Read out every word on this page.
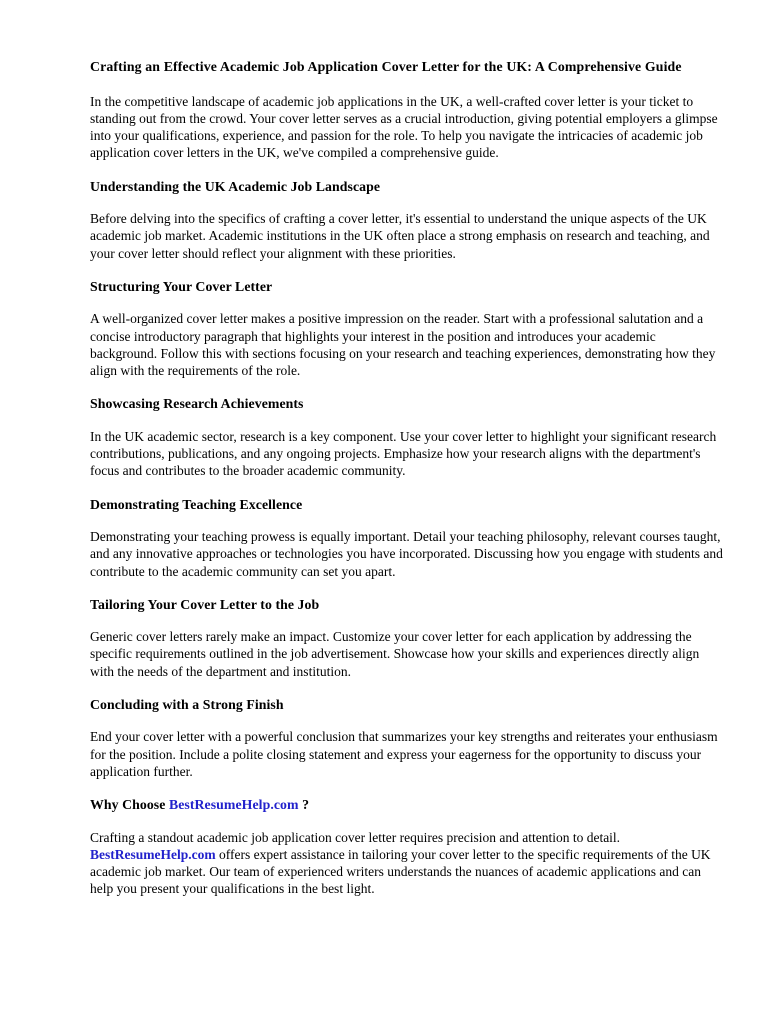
Crafting an Effective Academic Job Application Cover Letter for the UK: A Comprehensive Guide

In the competitive landscape of academic job applications in the UK, a well-crafted cover letter is your ticket to standing out from the crowd. Your cover letter serves as a crucial introduction, giving potential employers a glimpse into your qualifications, experience, and passion for the role. To help you navigate the intricacies of academic job application cover letters in the UK, we've compiled a comprehensive guide.

Understanding the UK Academic Job Landscape

Before delving into the specifics of crafting a cover letter, it's essential to understand the unique aspects of the UK academic job market. Academic institutions in the UK often place a strong emphasis on research and teaching, and your cover letter should reflect your alignment with these priorities.

Structuring Your Cover Letter

A well-organized cover letter makes a positive impression on the reader. Start with a professional salutation and a concise introductory paragraph that highlights your interest in the position and introduces your academic background. Follow this with sections focusing on your research and teaching experiences, demonstrating how they align with the requirements of the role.

Showcasing Research Achievements

In the UK academic sector, research is a key component. Use your cover letter to highlight your significant research contributions, publications, and any ongoing projects. Emphasize how your research aligns with the department's focus and contributes to the broader academic community.

Demonstrating Teaching Excellence

Demonstrating your teaching prowess is equally important. Detail your teaching philosophy, relevant courses taught, and any innovative approaches or technologies you have incorporated. Discussing how you engage with students and contribute to the academic community can set you apart.

Tailoring Your Cover Letter to the Job

Generic cover letters rarely make an impact. Customize your cover letter for each application by addressing the specific requirements outlined in the job advertisement. Showcase how your skills and experiences directly align with the needs of the department and institution.

Concluding with a Strong Finish

End your cover letter with a powerful conclusion that summarizes your key strengths and reiterates your enthusiasm for the position. Include a polite closing statement and express your eagerness for the opportunity to discuss your application further.

Why Choose BestResumeHelp.com ?

Crafting a standout academic job application cover letter requires precision and attention to detail. BestResumeHelp.com offers expert assistance in tailoring your cover letter to the specific requirements of the UK academic job market. Our team of experienced writers understands the nuances of academic applications and can help you present your qualifications in the best light.
